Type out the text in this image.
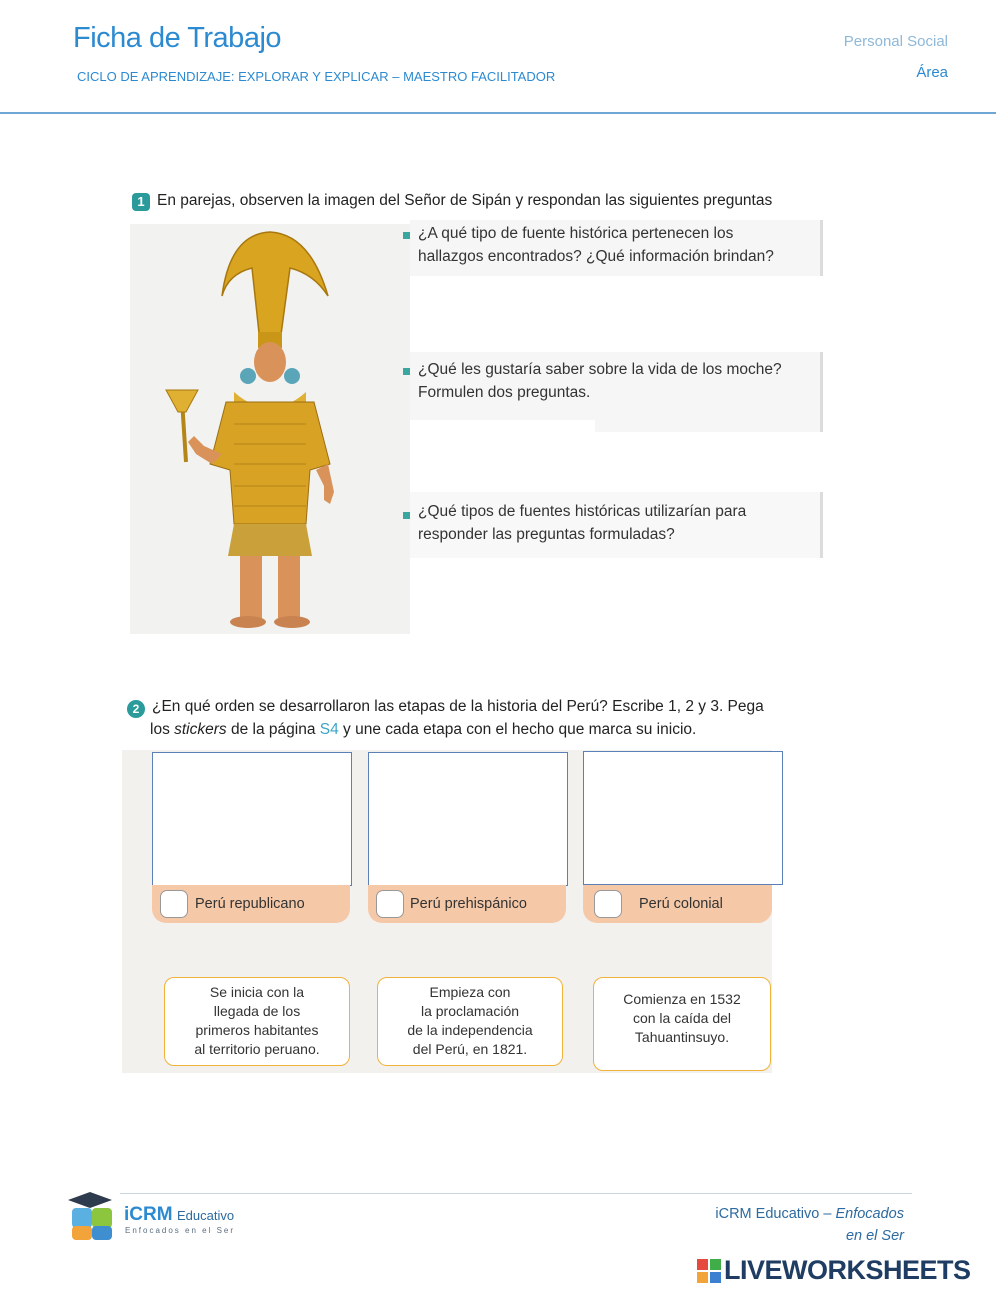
Ficha de Trabajo
CICLO DE APRENDIZAJE: EXPLORAR Y EXPLICAR – MAESTRO FACILITADOR
Personal Social
Área
1 En parejas, observen la imagen del Señor de Sipán y respondan las siguientes preguntas
¿A qué tipo de fuente histórica pertenecen los
hallazgos encontrados? ¿Qué información brindan?
¿Qué les gustaría saber sobre la vida de los moche?
Formulen dos preguntas.
¿Qué tipos de fuentes históricas utilizarían para
responder las preguntas formuladas?
2 ¿En qué orden se desarrollaron las etapas de la historia del Perú? Escribe 1, 2 y 3. Pega
los stickers de la página S4 y une cada etapa con el hecho que marca su inicio.
Perú republicano	Perú prehispánico	Perú colonial
Se inicia con la
llegada de los
primeros habitantes
al territorio peruano.
Empieza con
la proclamación
de la independencia
del Perú, en 1821.
Comienza en 1532
con la caída del
Tahuantinsuyo.
iCRM Educativo
Enfocados en el Ser
iCRM Educativo – Enfocados
en el Ser
LIVEWORKSHEETS
